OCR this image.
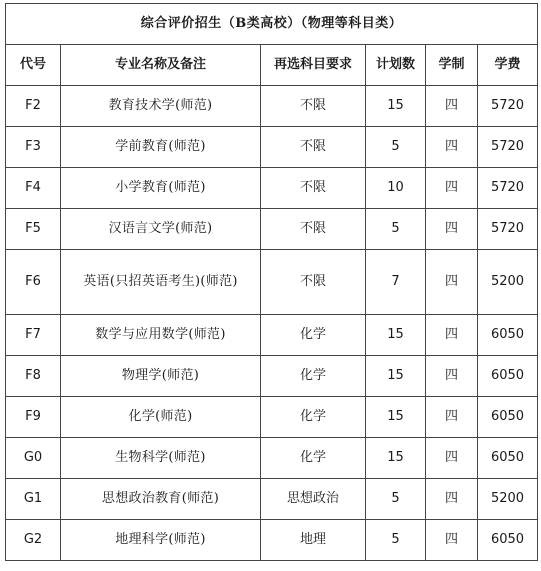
综合评价招生（B类高校）（物理等科目类）					
代号	专业名称及备注	再选科目要求	计划数	学制	学费
F2	教育技术学(师范)	不限	15	四	5720
F3	学前教育(师范)	不限	5	四	5720
F4	小学教育(师范)	不限	10	四	5720
F5	汉语言文学(师范)	不限	5	四	5720
F6	英语(只招英语考生)(师范)	不限	7	四	5200
F7	数学与应用数学(师范)	化学	15	四	6050
F8	物理学(师范)	化学	15	四	6050
F9	化学(师范)	化学	15	四	6050
G0	生物科学(师范)	化学	15	四	6050
G1	思想政治教育(师范)	思想政治	5	四	5200
G2	地理科学(师范)	地理	5	四	6050
